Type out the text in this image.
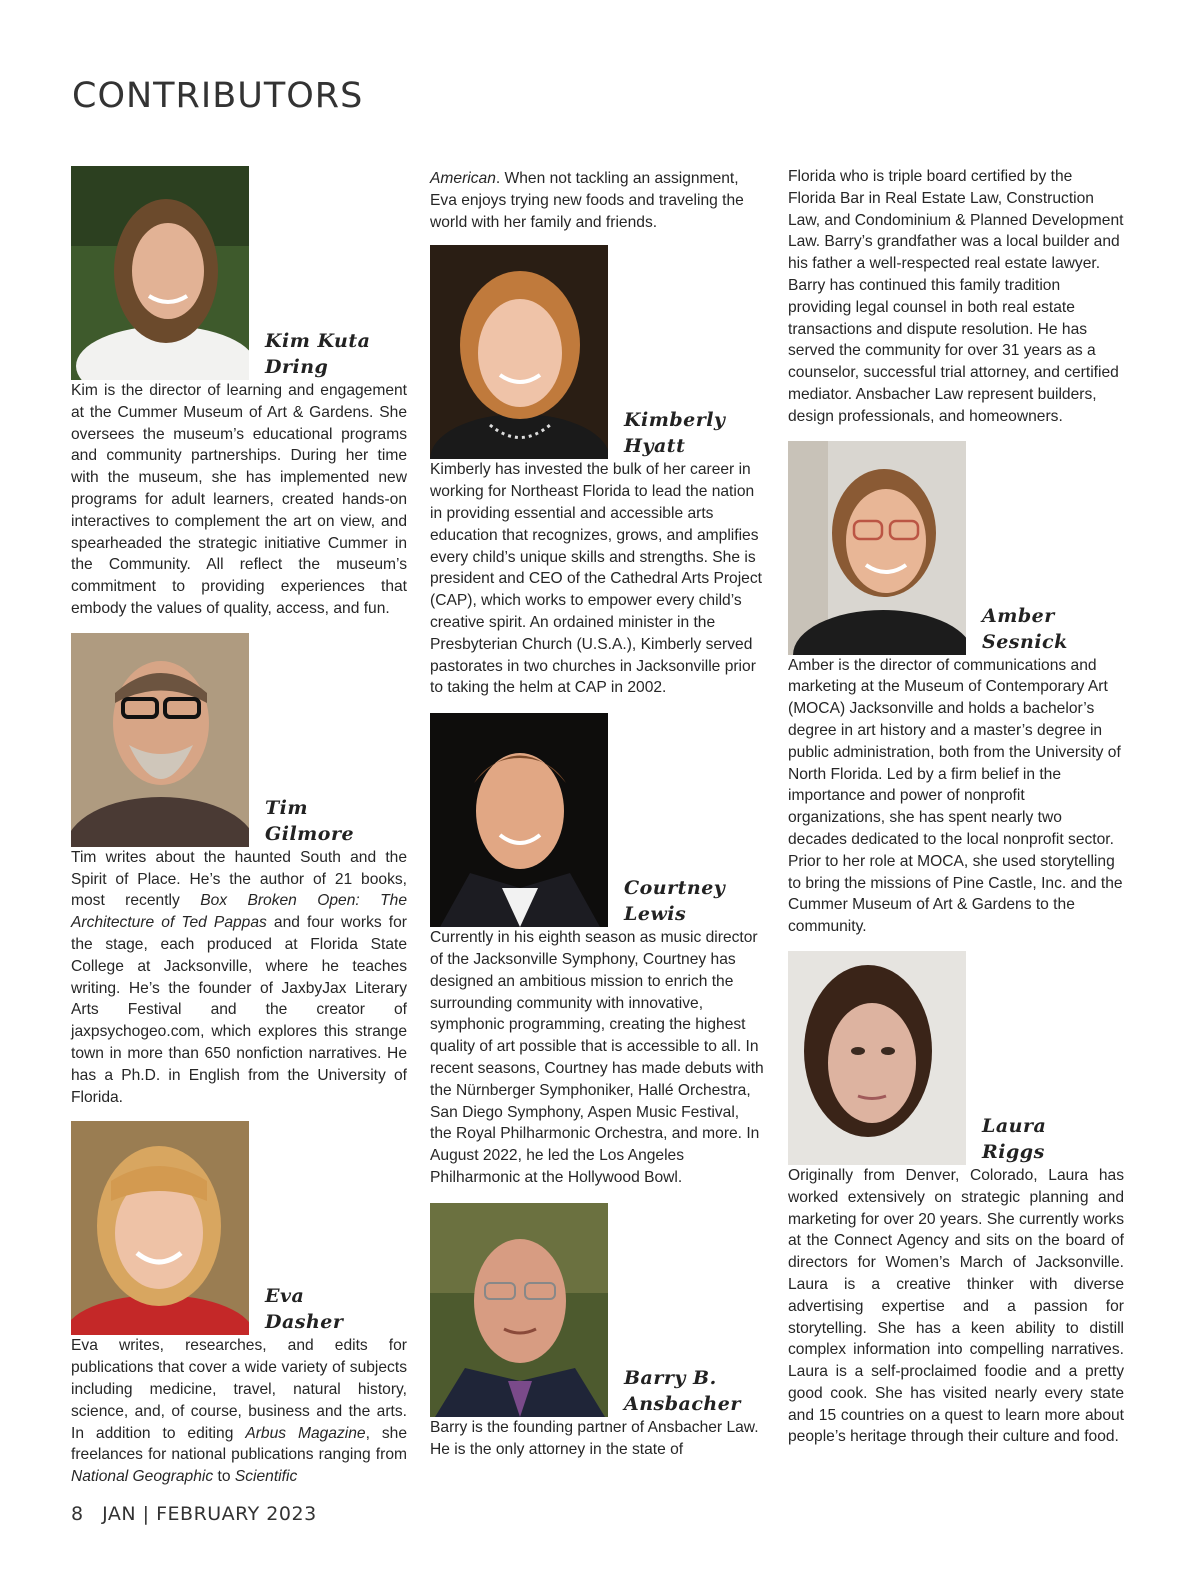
CONTRIBUTORS
Kim Kuta
Dring
Kim is the director of learning and engagement at the Cummer Museum of Art & Gardens. She oversees the museum’s educational programs and community partnerships. During her time with the museum, she has implemented new programs for adult learners, created hands-on interactives to complement the art on view, and spearheaded the strategic initiative Cummer in the Community. All reflect the museum’s commitment to providing experiences that embody the values of quality, access, and fun.
Tim
Gilmore
Tim writes about the haunted South and the Spirit of Place. He’s the author of 21 books, most recently Box Broken Open: The Architecture of Ted Pappas and four works for the stage, each produced at Florida State College at Jacksonville, where he teaches writing. He’s the founder of JaxbyJax Literary Arts Festival and the creator of jaxpsychogeo.com, which explores this strange town in more than 650 nonfiction narratives. He has a Ph.D. in English from the University of Florida.
Eva
Dasher
Eva writes, researches, and edits for publications that cover a wide variety of subjects including medicine, travel, natural history, science, and, of course, business and the arts. In addition to editing Arbus Magazine, she freelances for national publications ranging from National Geographic to Scientific
American. When not tackling an assignment, Eva enjoys trying new foods and traveling the world with her family and friends.
Kimberly
Hyatt
Kimberly has invested the bulk of her career in working for Northeast Florida to lead the nation in providing essential and accessible arts education that recognizes, grows, and amplifies every child’s unique skills and strengths. She is president and CEO of the Cathedral Arts Project (CAP), which works to empower every child’s creative spirit. An ordained minister in the Presbyterian Church (U.S.A.), Kimberly served pastorates in two churches in Jacksonville prior to taking the helm at CAP in 2002.
Courtney
Lewis
Currently in his eighth season as music director of the Jacksonville Symphony, Courtney has designed an ambitious mission to enrich the surrounding community with innovative, symphonic programming, creating the highest quality of art possible that is accessible to all. In recent seasons, Courtney has made debuts with the Nürnberger Symphoniker, Hallé Orchestra, San Diego Symphony, Aspen Music Festival, the Royal Philharmonic Orchestra, and more. In August 2022, he led the Los Angeles Philharmonic at the Hollywood Bowl.
Barry B.
Ansbacher
Barry is the founding partner of Ansbacher Law. He is the only attorney in the state of
Florida who is triple board certified by the Florida Bar in Real Estate Law, Construction Law, and Condominium & Planned Development Law. Barry’s grandfather was a local builder and his father a well-respected real estate lawyer. Barry has continued this family tradition providing legal counsel in both real estate transactions and dispute resolution. He has served the community for over 31 years as a counselor, successful trial attorney, and certified mediator. Ansbacher Law represent builders, design professionals, and homeowners.
Amber
Sesnick
Amber is the director of communications and marketing at the Museum of Contemporary Art (MOCA) Jacksonville and holds a bachelor’s degree in art history and a master’s degree in public administration, both from the University of North Florida. Led by a firm belief in the importance and power of nonprofit organizations, she has spent nearly two decades dedicated to the local nonprofit sector. Prior to her role at MOCA, she used storytelling to bring the missions of Pine Castle, Inc. and the Cummer Museum of Art & Gardens to the community.
Laura
Riggs
Originally from Denver, Colorado, Laura has worked extensively on strategic planning and marketing for over 20 years. She currently works at the Connect Agency and sits on the board of directors for Women’s March of Jacksonville. Laura is a creative thinker with diverse advertising expertise and a passion for storytelling. She has a keen ability to distill complex information into compelling narratives. Laura is a self-proclaimed foodie and a pretty good cook. She has visited nearly every state and 15 countries on a quest to learn more about people’s heritage through their culture and food.
8 JAN | FEBRUARY 2023
